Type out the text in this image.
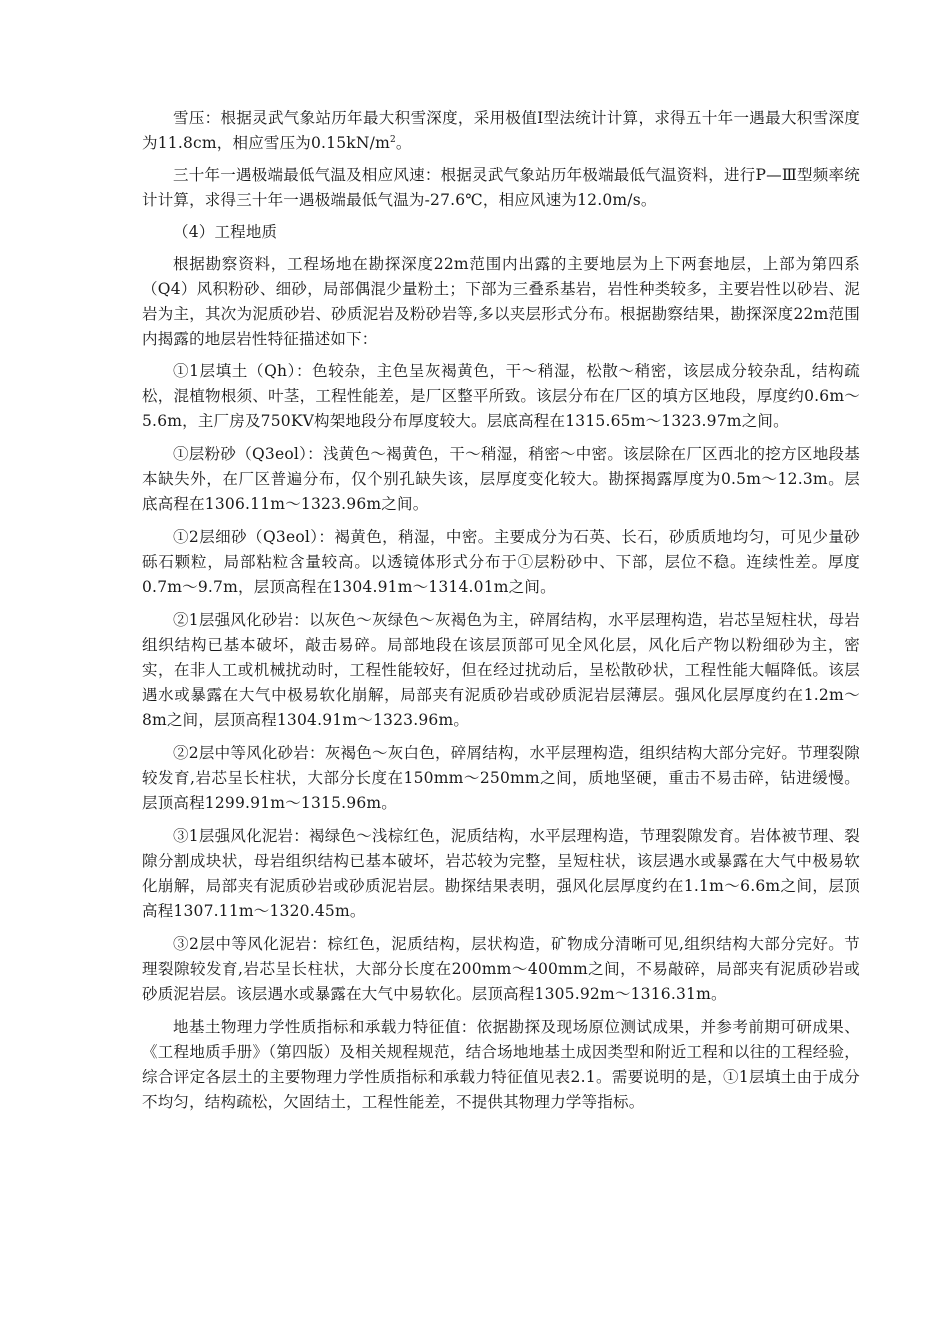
雪压：根据灵武气象站历年最大积雪深度，采用极值Ⅰ型法统计计算，求得五十年一遇最大积雪深度为11.8cm，相应雪压为$0.15kN/m^2$。

三十年一遇极端最低气温及相应风速：根据灵武气象站历年极端最低气温资料，进行P—Ⅲ型频率统计计算，求得三十年一遇极端最低气温为-27.6℃，相应风速为12.0m/s。

（4）工程地质

根据勘察资料，工程场地在勘探深度22m范围内出露的主要地层为上下两套地层，上部为第四系（Q4）风积粉砂、细砂，局部偶混少量粉土；下部为三叠系基岩，岩性种类较多，主要岩性以砂岩、泥岩为主，其次为泥质砂岩、砂质泥岩及粉砂岩等,多以夹层形式分布。根据勘察结果，勘探深度22m范围内揭露的地层岩性特征描述如下：

①1层填土（Qh）：色较杂，主色呈灰褐黄色，干～稍湿，松散～稍密，该层成分较杂乱，结构疏松，混植物根须、叶茎，工程性能差，是厂区整平所致。该层分布在厂区的填方区地段，厚度约0.6m～5.6m，主厂房及750KV构架地段分布厚度较大。层底高程在1315.65m～1323.97m之间。

①层粉砂（Q3eol）：浅黄色～褐黄色，干～稍湿，稍密～中密。该层除在厂区西北的挖方区地段基本缺失外，在厂区普遍分布，仅个别孔缺失该，层厚度变化较大。勘探揭露厚度为0.5m～12.3m。层底高程在1306.11m～1323.96m之间。

①2层细砂（Q3eol）：褐黄色，稍湿，中密。主要成分为石英、长石，砂质质地均匀，可见少量砂砾石颗粒，局部粘粒含量较高。以透镜体形式分布于①层粉砂中、下部，层位不稳。连续性差。厚度0.7m～9.7m，层顶高程在1304.91m～1314.01m之间。

②1层强风化砂岩：以灰色～灰绿色～灰褐色为主，碎屑结构，水平层理构造，岩芯呈短柱状，母岩组织结构已基本破坏，敲击易碎。局部地段在该层顶部可见全风化层，风化后产物以粉细砂为主，密实，在非人工或机械扰动时，工程性能较好，但在经过扰动后，呈松散砂状，工程性能大幅降低。该层遇水或暴露在大气中极易软化崩解，局部夹有泥质砂岩或砂质泥岩层薄层。强风化层厚度约在1.2m～8m之间，层顶高程1304.91m～1323.96m。

②2层中等风化砂岩：灰褐色～灰白色，碎屑结构，水平层理构造，组织结构大部分完好。节理裂隙较发育,岩芯呈长柱状，大部分长度在150mm～250mm之间，质地坚硬，重击不易击碎，钻进缓慢。层顶高程1299.91m～1315.96m。

③1层强风化泥岩：褐绿色～浅棕红色，泥质结构，水平层理构造，节理裂隙发育。岩体被节理、裂隙分割成块状，母岩组织结构已基本破坏，岩芯较为完整，呈短柱状，该层遇水或暴露在大气中极易软化崩解，局部夹有泥质砂岩或砂质泥岩层。勘探结果表明，强风化层厚度约在1.1m～6.6m之间，层顶高程1307.11m～1320.45m。

③2层中等风化泥岩：棕红色，泥质结构，层状构造，矿物成分清晰可见,组织结构大部分完好。节理裂隙较发育,岩芯呈长柱状，大部分长度在200mm～400mm之间，不易敲碎，局部夹有泥质砂岩或砂质泥岩层。该层遇水或暴露在大气中易软化。层顶高程1305.92m～1316.31m。

地基土物理力学性质指标和承载力特征值：依据勘探及现场原位测试成果，并参考前期可研成果、《工程地质手册》（第四版）及相关规程规范，结合场地地基土成因类型和附近工程和以往的工程经验，综合评定各层土的主要物理力学性质指标和承载力特征值见表2.1。需要说明的是，①1层填土由于成分不均匀，结构疏松，欠固结土，工程性能差，不提供其物理力学等指标。
